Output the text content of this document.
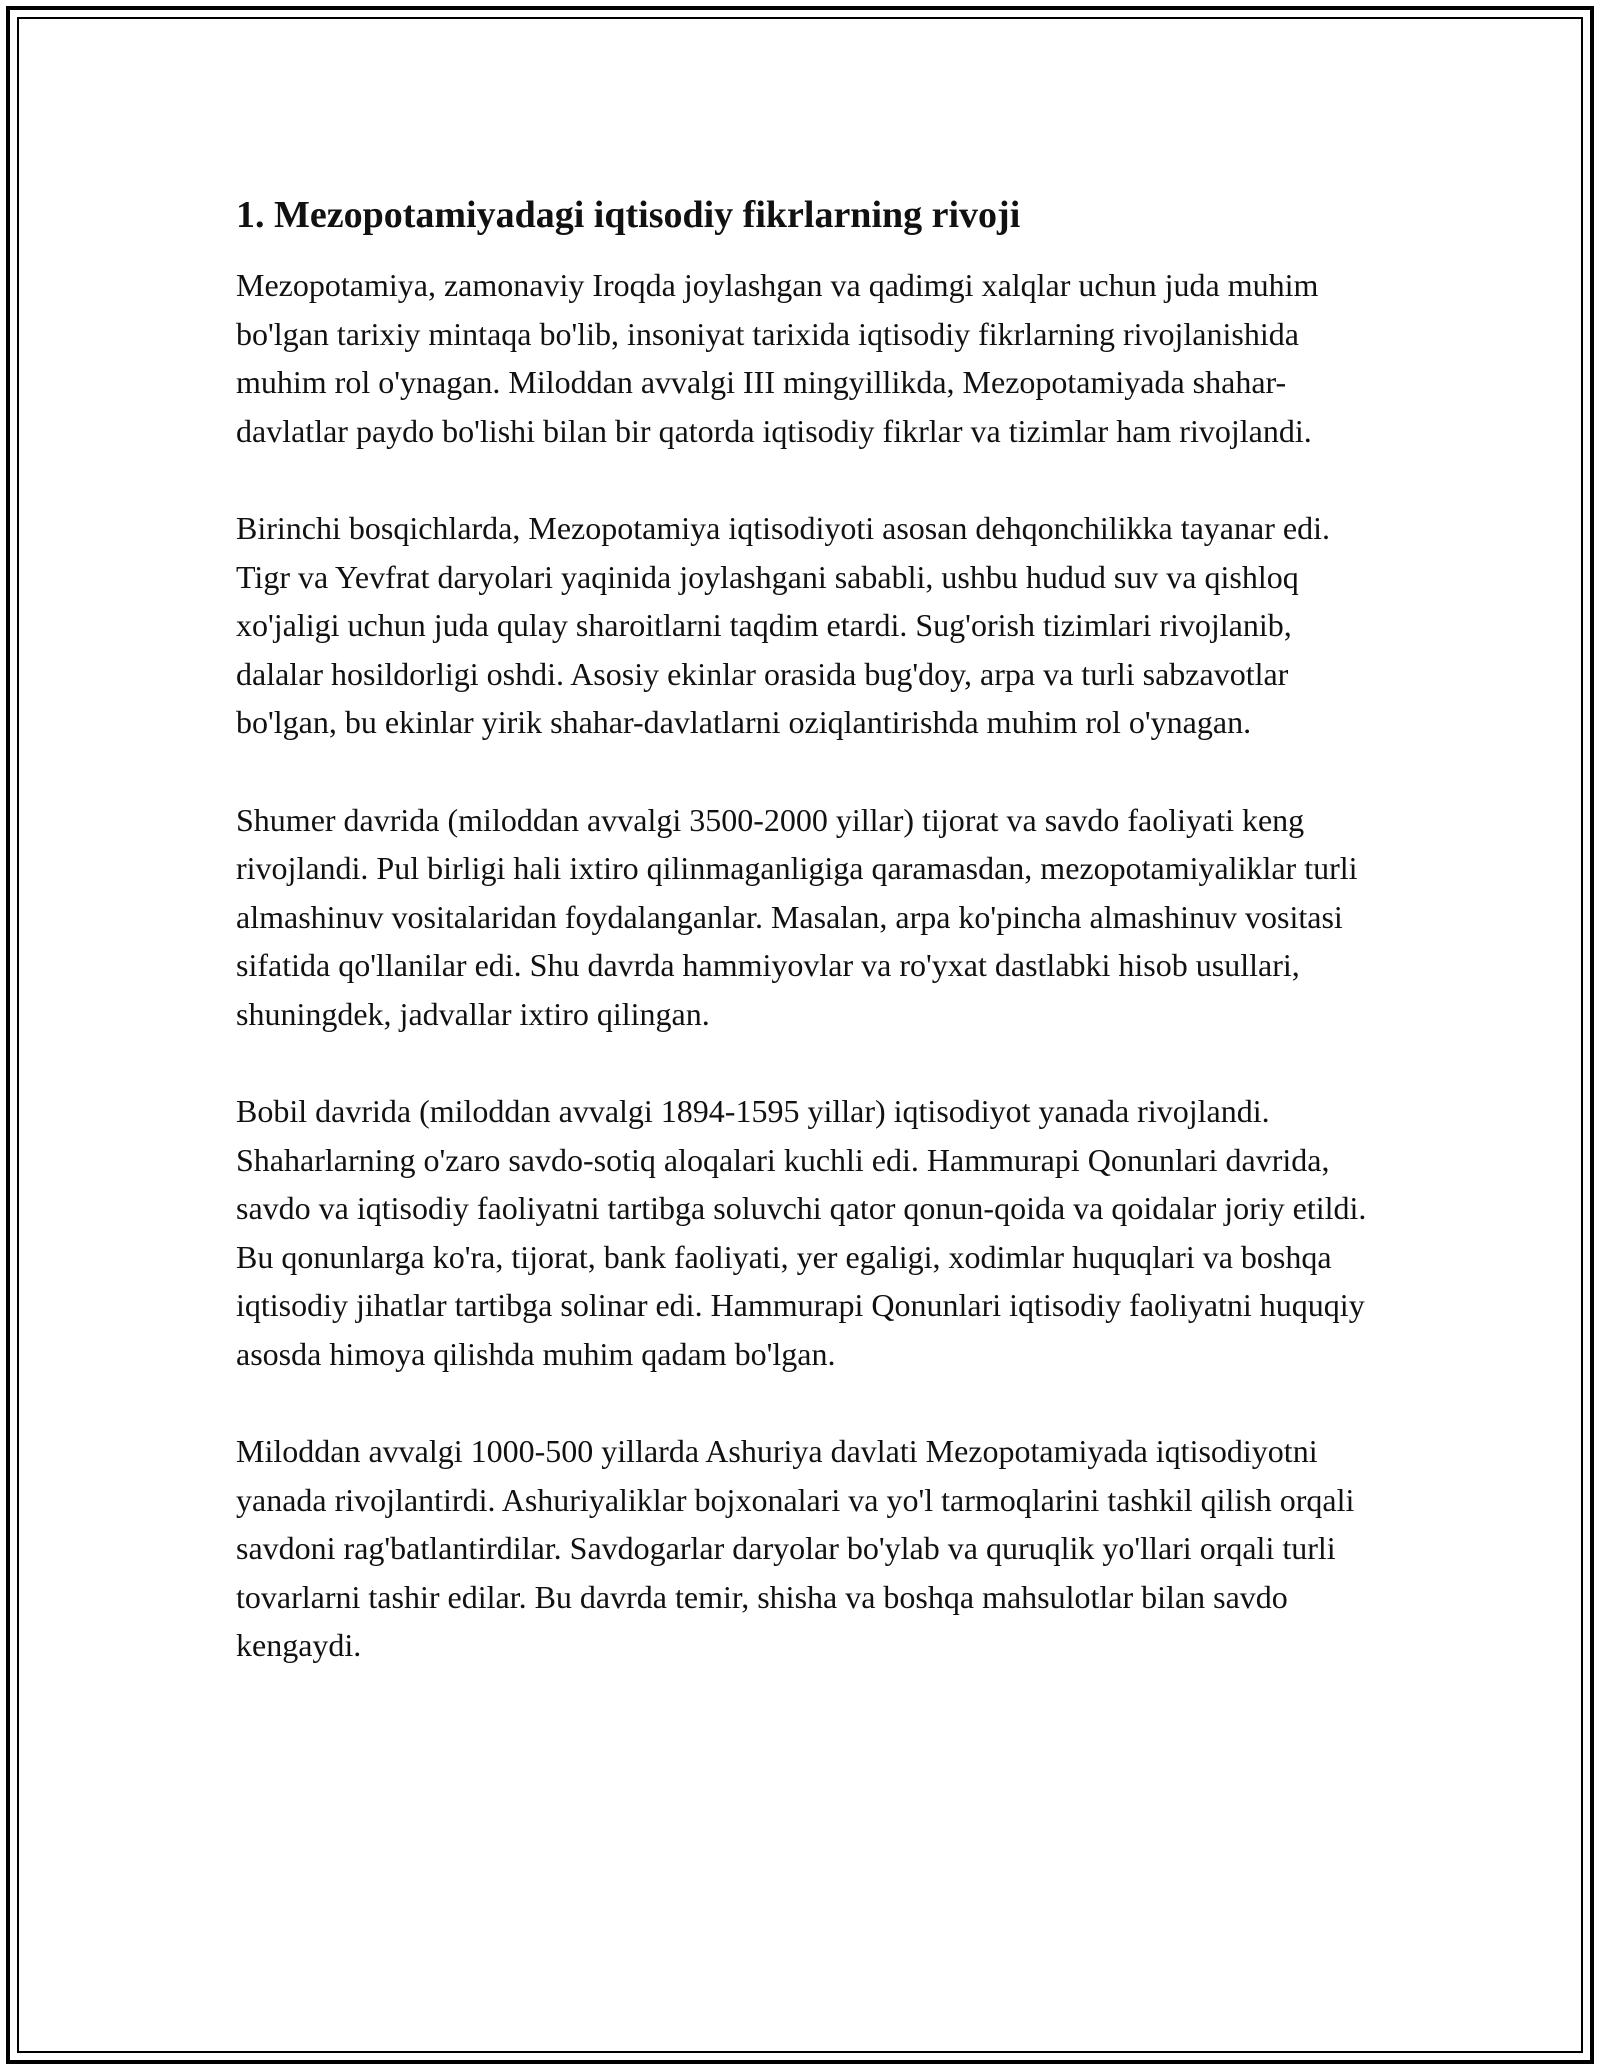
1. Mezopotamiyadagi iqtisodiy fikrlarning rivoji

Mezopotamiya, zamonaviy Iroqda joylashgan va qadimgi xalqlar uchun juda muhim bo'lgan tarixiy mintaqa bo'lib, insoniyat tarixida iqtisodiy fikrlarning rivojlanishida muhim rol o'ynagan. Miloddan avvalgi III mingyillikda, Mezopotamiyada shahar-davlatlar paydo bo'lishi bilan bir qatorda iqtisodiy fikrlar va tizimlar ham rivojlandi.

Birinchi bosqichlarda, Mezopotamiya iqtisodiyoti asosan dehqonchilikka tayanar edi. Tigr va Yevfrat daryolari yaqinida joylashgani sababli, ushbu hudud suv va qishloq xo'jaligi uchun juda qulay sharoitlarni taqdim etardi. Sug'orish tizimlari rivojlanib, dalalar hosildorligi oshdi. Asosiy ekinlar orasida bug'doy, arpa va turli sabzavotlar bo'lgan, bu ekinlar yirik shahar-davlatlarni oziqlantirishda muhim rol o'ynagan.

Shumer davrida (miloddan avvalgi 3500-2000 yillar) tijorat va savdo faoliyati keng rivojlandi. Pul birligi hali ixtiro qilinmaganligiga qaramasdan, mezopotamiyaliklar turli almashinuv vositalaridan foydalanganlar. Masalan, arpa ko'pincha almashinuv vositasi sifatida qo'llanilar edi. Shu davrda hammiyovlar va ro'yxat dastlabki hisob usullari, shuningdek, jadvallar ixtiro qilingan.

Bobil davrida (miloddan avvalgi 1894-1595 yillar) iqtisodiyot yanada rivojlandi. Shaharlarning o'zaro savdo-sotiq aloqalari kuchli edi. Hammurapi Qonunlari davrida, savdo va iqtisodiy faoliyatni tartibga soluvchi qator qonun-qoida va qoidalar joriy etildi. Bu qonunlarga ko'ra, tijorat, bank faoliyati, yer egaligi, xodimlar huquqlari va boshqa iqtisodiy jihatlar tartibga solinar edi. Hammurapi Qonunlari iqtisodiy faoliyatni huquqiy asosda himoya qilishda muhim qadam bo'lgan.

Miloddan avvalgi 1000-500 yillarda Ashuriya davlati Mezopotamiyada iqtisodiyotni yanada rivojlantirdi. Ashuriyaliklar bojxonalari va yo'l tarmoqlarini tashkil qilish orqali savdoni rag'batlantirdilar. Savdogarlar daryolar bo'ylab va quruqlik yo'llari orqali turli tovarlarni tashir edilar. Bu davrda temir, shisha va boshqa mahsulotlar bilan savdo kengaydi.
